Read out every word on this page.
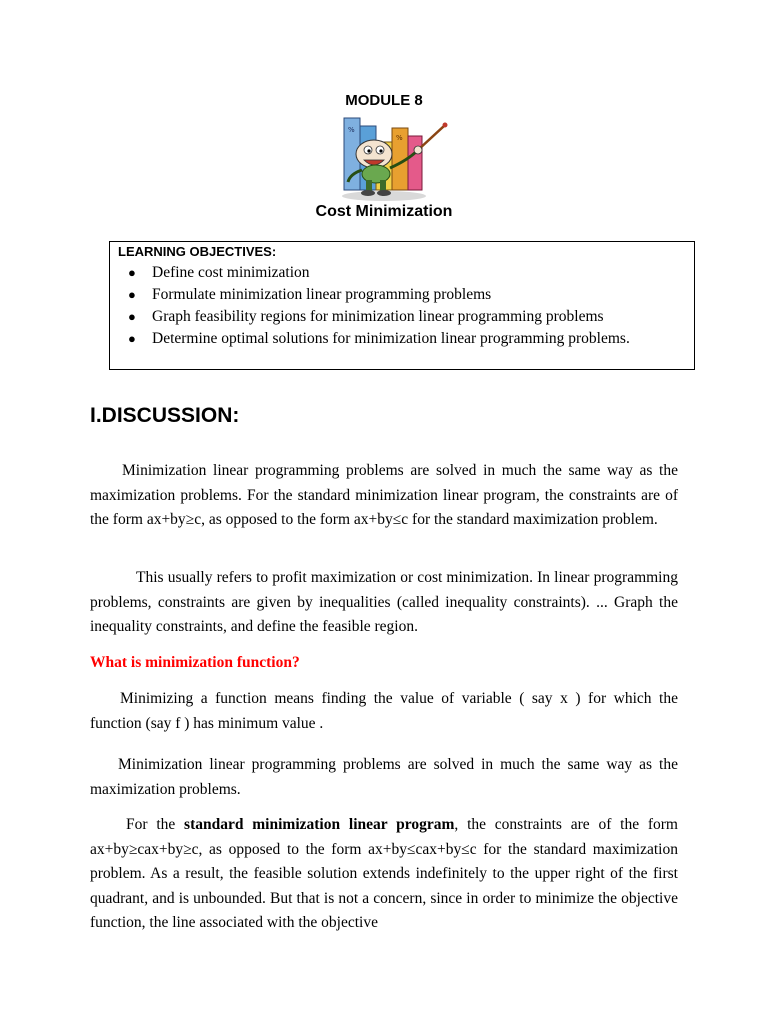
MODULE 8
%
%
Cost Minimization

LEARNING OBJECTIVES:

● Define cost minimization
● Formulate minimization linear programming problems
● Graph feasibility regions for minimization linear programming problems
● Determine optimal solutions for minimization linear programming problems.
I.DISCUSSION:

Minimization linear programming problems are solved in much the same way as the maximization problems. For the standard minimization linear program, the constraints are of the form ax+by≥c, as opposed to the form ax+by≤c for the standard maximization problem.

This usually refers to profit maximization or cost minimization. In linear programming problems, constraints are given by inequalities (called inequality constraints). ... Graph the inequality constraints, and define the feasible region.

What is minimization function?

Minimizing a function means finding the value of variable ( say x ) for which the function (say f ) has minimum value .

Minimization linear programming problems are solved in much the same way as the maximization problems.

For the standard minimization linear program, the constraints are of the form ax+by≥cax+by≥c, as opposed to the form ax+by≤cax+by≤c for the standard maximization problem. As a result, the feasible solution extends indefinitely to the upper right of the first quadrant, and is unbounded. But that is not a concern, since in order to minimize the objective function, the line associated with the objective
